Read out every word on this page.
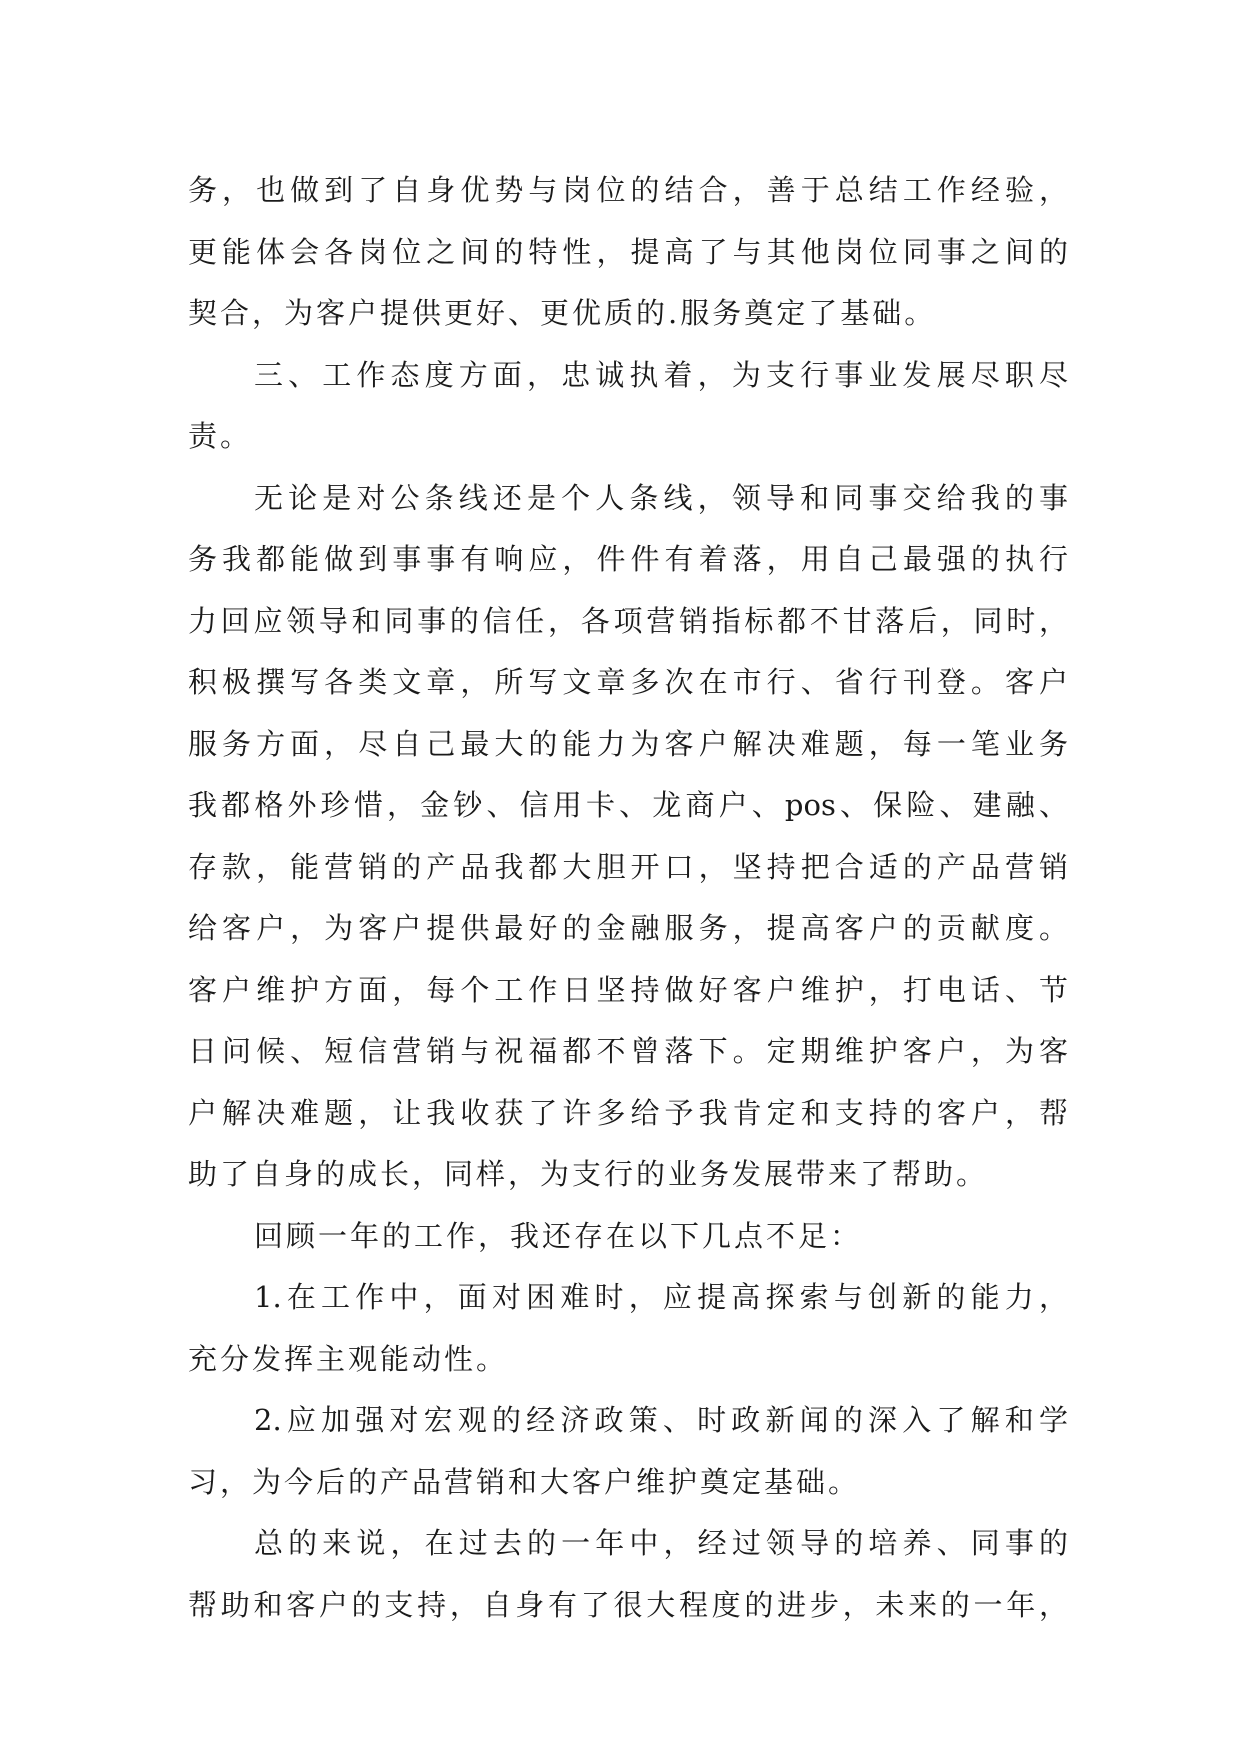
务，也做到了自身优势与岗位的结合，善于总结工作经验，
更能体会各岗位之间的特性，提高了与其他岗位同事之间的
契合，为客户提供更好、更优质的.服务奠定了基础。
三、工作态度方面，忠诚执着，为支行事业发展尽职尽
责。
无论是对公条线还是个人条线，领导和同事交给我的事
务我都能做到事事有响应，件件有着落，用自己最强的执行
力回应领导和同事的信任，各项营销指标都不甘落后，同时，
积极撰写各类文章，所写文章多次在市行、省行刊登。客户
服务方面，尽自己最大的能力为客户解决难题，每一笔业务
我都格外珍惜，金钞、信用卡、龙商户、pos、保险、建融、
存款，能营销的产品我都大胆开口，坚持把合适的产品营销
给客户，为客户提供最好的金融服务，提高客户的贡献度。
客户维护方面，每个工作日坚持做好客户维护，打电话、节
日问候、短信营销与祝福都不曾落下。定期维护客户，为客
户解决难题，让我收获了许多给予我肯定和支持的客户，帮
助了自身的成长，同样，为支行的业务发展带来了帮助。
回顾一年的工作，我还存在以下几点不足：
1.在工作中，面对困难时，应提高探索与创新的能力，
充分发挥主观能动性。
2.应加强对宏观的经济政策、时政新闻的深入了解和学
习，为今后的产品营销和大客户维护奠定基础。
总的来说，在过去的一年中，经过领导的培养、同事的
帮助和客户的支持，自身有了很大程度的进步，未来的一年，
